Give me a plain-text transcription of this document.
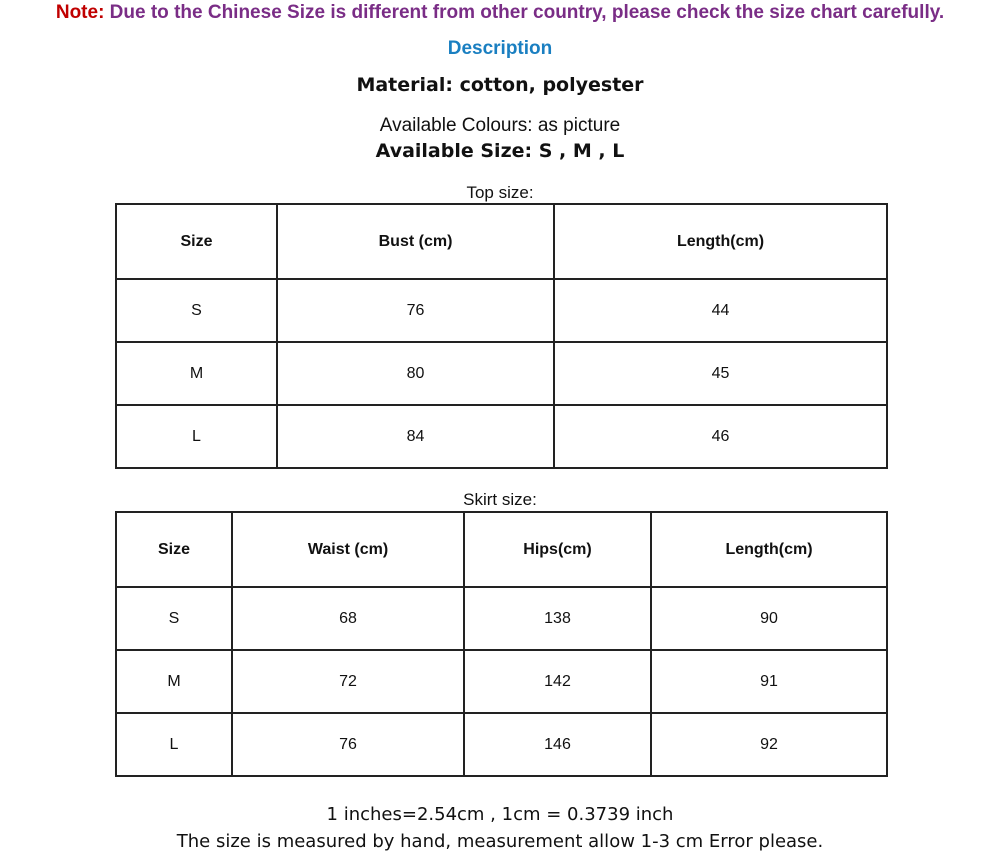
Note: Due to the Chinese Size is different from other country, please check the size chart carefully.
Description
Material: cotton, polyester
Available Colours: as picture
Available Size: S , M , L
Top size:
Size	Bust (cm)	Length(cm)
S	76	44
M	80	45
L	84	46
Skirt size:
Size	Waist (cm)	Hips(cm)	Length(cm)
S	68	138	90
M	72	142	91
L	76	146	92
1 inches=2.54cm , 1cm = 0.3739 inch
The size is measured by hand, measurement allow 1-3 cm Error please.
